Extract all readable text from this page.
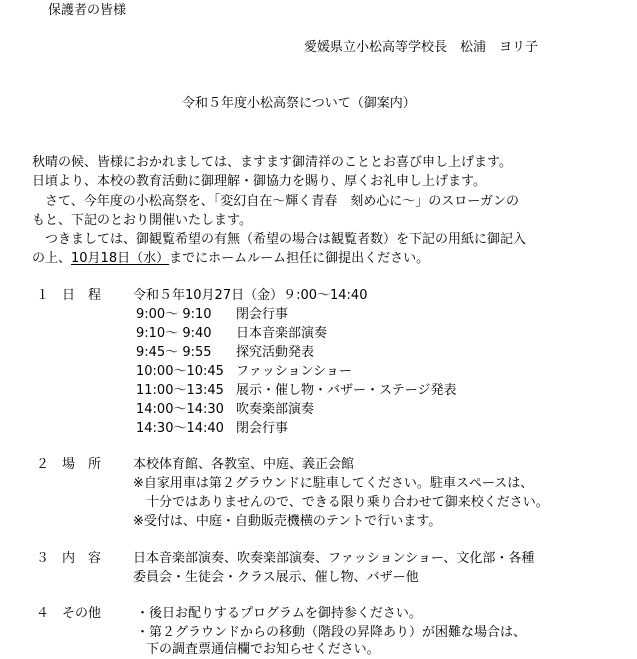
保護者の皆様
愛媛県立小松高等学校長　松浦　ヨリ子
令和５年度小松高祭について（御案内）
秋晴の候、皆様におかれましては、ますます御清祥のこととお喜び申し上げます。
日頃より、本校の教育活動に御理解・御協力を賜り、厚くお礼申し上げます。
さて、今年度の小松高祭を、「変幻自在～輝く青春　刻め心に～」のスローガンの
もと、下記のとおり開催いたします。
つきましては、御観覧希望の有無（希望の場合は観覧者数）を下記の用紙に御記入
の上、10月18日（水）までにホームルーム担任に御提出ください。
１ 日　程 令和５年10月27日（金）９:00～14:40
9:00～ 9:10 閉会行事
9:10～ 9:40 日本音楽部演奏
9:45～ 9:55 探究活動発表
10:00～10:45 ファッションショー
11:00～13:45 展示・催し物・バザー・ステージ発表
14:00～14:30 吹奏楽部演奏
14:30～14:40 閉会行事
２ 場　所 本校体育館、各教室、中庭、義正会館
※自家用車は第２グラウンドに駐車してください。駐車スペースは、
十分ではありませんので、できる限り乗り合わせて御来校ください。
※受付は、中庭・自動販売機横のテントで行います。
３ 内　容 日本音楽部演奏、吹奏楽部演奏、ファッションショー、文化部・各種
委員会・生徒会・クラス展示、催し物、バザー他
４ その他	・後日お配りするプログラムを御持参ください。
・第２グラウンドからの移動（階段の昇降あり）が困難な場合は、
下の調査票通信欄でお知らせください。
